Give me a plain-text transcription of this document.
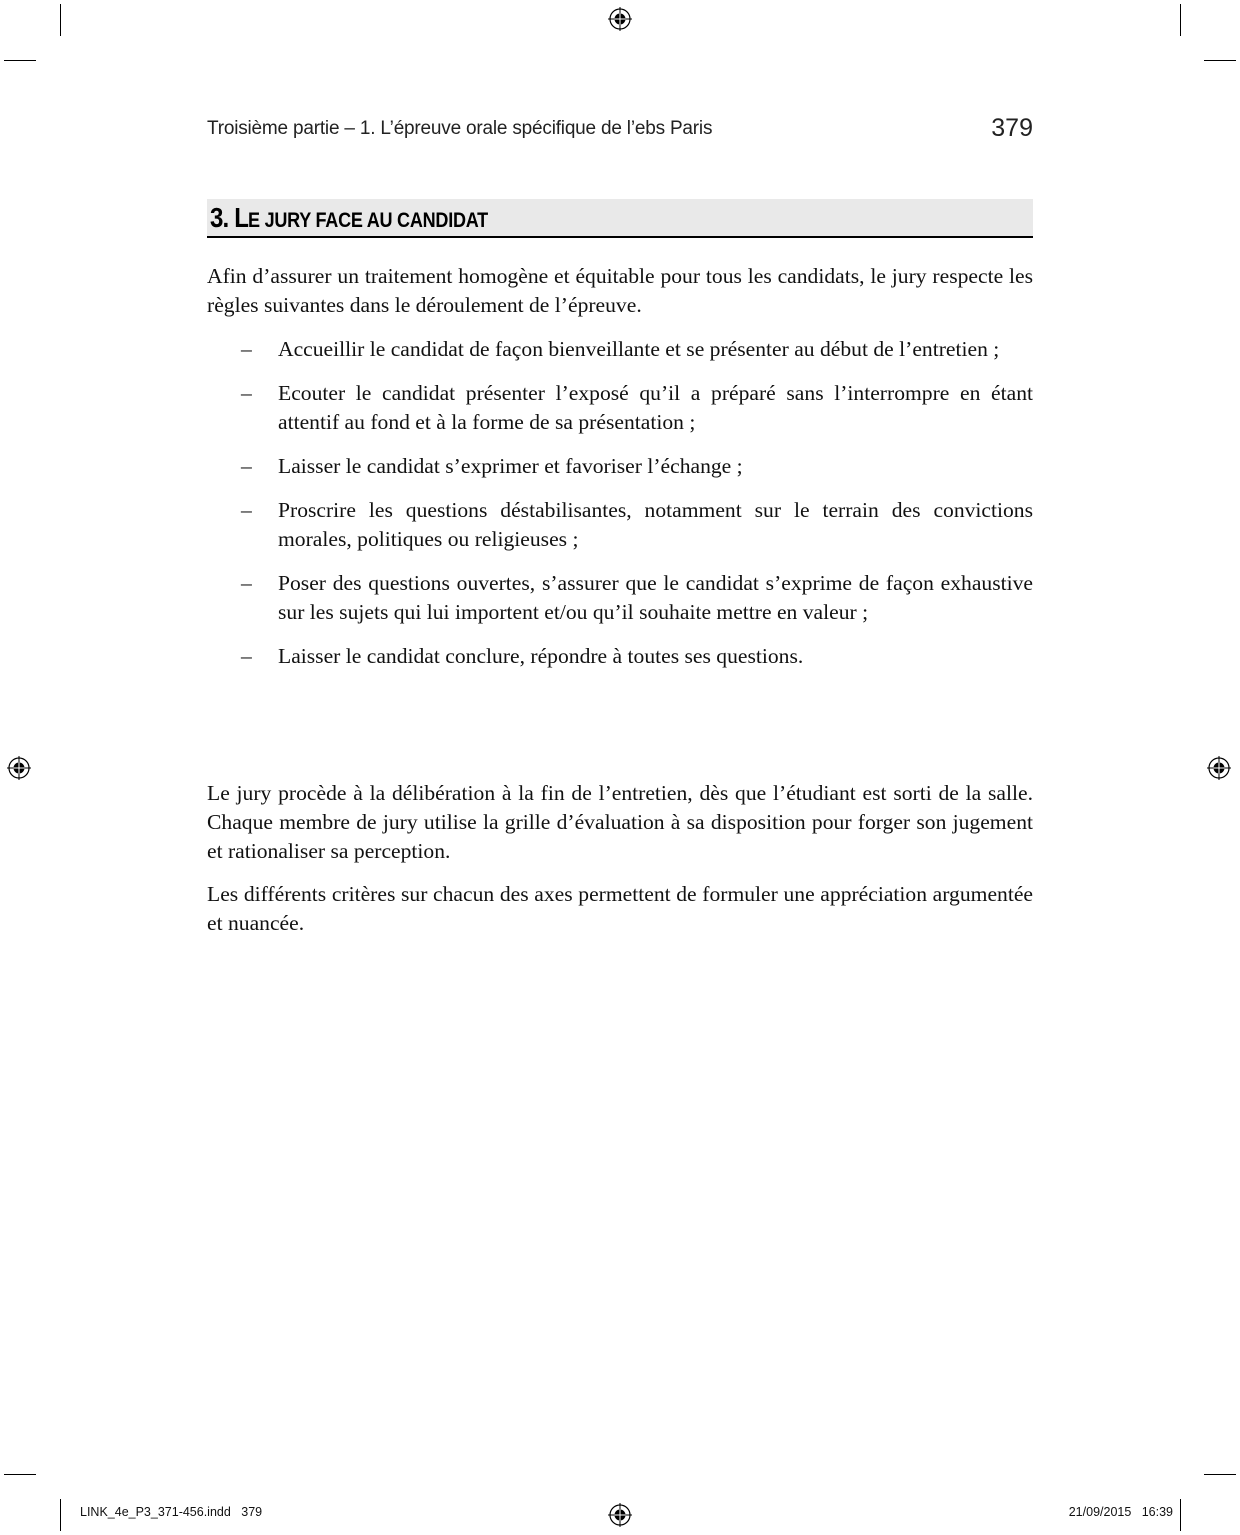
Troisième partie – 1. L’épreuve orale spécifique de l’ebs Paris	379
3. LE JURY FACE AU CANDIDAT

Afin d’assurer un traitement homogène et équitable pour tous les candidats, le jury respecte les règles suivantes dans le déroulement de l’épreuve.

– Accueillir le candidat de façon bienveillante et se présenter au début de l’entretien ;

– Ecouter le candidat présenter l’exposé qu’il a préparé sans l’interrompre en étant attentif au fond et à la forme de sa présentation ;

– Laisser le candidat s’exprimer et favoriser l’échange ;

– Proscrire les questions déstabilisantes, notamment sur le terrain des convictions morales, politiques ou religieuses ;

– Poser des questions ouvertes, s’assurer que le candidat s’exprime de façon exhaustive sur les sujets qui lui importent et/ou qu’il souhaite mettre en valeur ;

– Laisser le candidat conclure, répondre à toutes ses questions.

Le jury procède à la délibération à la fin de l’entretien, dès que l’étudiant est sorti de la salle. Chaque membre de jury utilise la grille d’évaluation à sa disposition pour forger son jugement et rationaliser sa perception.

Les différents critères sur chacun des axes permettent de formuler une appréciation argumentée et nuancée.

LINK_4e_P3_371-456.indd   379	21/09/2015   16:39
